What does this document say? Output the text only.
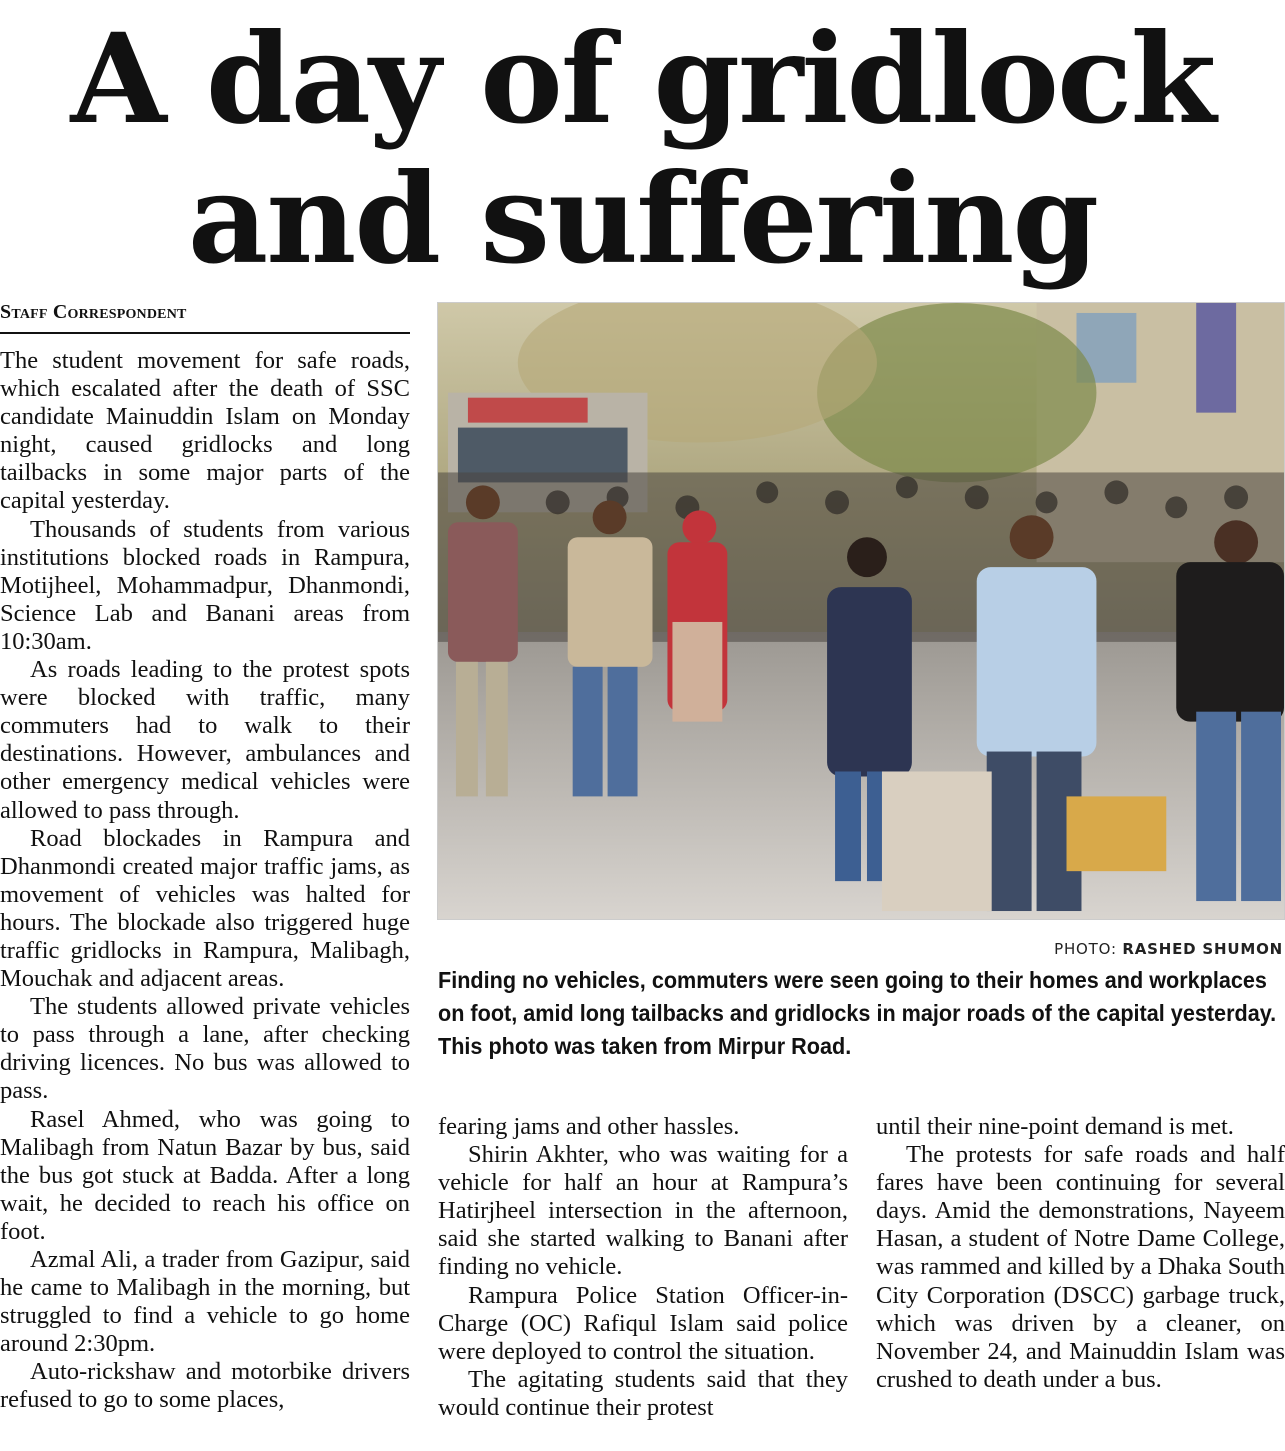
A day of gridlock
and suffering
Staff Correspondent

The student movement for safe roads, which escalated after the death of SSC candidate Mainuddin Islam on Monday night, caused gridlocks and long tailbacks in some major parts of the capital yesterday.

Thousands of students from various institutions blocked roads in Rampura, Motijheel, Mohammadpur, Dhanmondi, Science Lab and Banani areas from 10:30am.

As roads leading to the protest spots were blocked with traffic, many commuters had to walk to their destinations. However, ambulances and other emergency medical vehicles were allowed to pass through.

Road blockades in Rampura and Dhanmondi created major traffic jams, as movement of vehicles was halted for hours. The blockade also triggered huge traffic gridlocks in Rampura, Malibagh, Mouchak and adjacent areas.

The students allowed private vehicles to pass through a lane, after checking driving licences. No bus was allowed to pass.

Rasel Ahmed, who was going to Malibagh from Natun Bazar by bus, said the bus got stuck at Badda. After a long wait, he decided to reach his office on foot.

Azmal Ali, a trader from Gazipur, said he came to Malibagh in the morning, but struggled to find a vehicle to go home around 2:30pm.

Auto-rickshaw and motorbike drivers refused to go to some places,

PHOTO: RASHED SHUMON
Finding no vehicles, commuters were seen going to their homes and workplaces on foot, amid long tailbacks and gridlocks in major roads of the capital yesterday. This photo was taken from Mirpur Road.

fearing jams and other hassles.

Shirin Akhter, who was waiting for a vehicle for half an hour at Rampura’s Hatirjheel intersection in the afternoon, said she started walking to Banani after finding no vehicle.

Rampura Police Station Officer-in-Charge (OC) Rafiqul Islam said police were deployed to control the situation.

The agitating students said that they would continue their protest

until their nine-point demand is met.

The protests for safe roads and half fares have been continuing for several days. Amid the demonstrations, Nayeem Hasan, a student of Notre Dame College, was rammed and killed by a Dhaka South City Corporation (DSCC) garbage truck, which was driven by a cleaner, on November 24, and Mainuddin Islam was crushed to death under a bus.
